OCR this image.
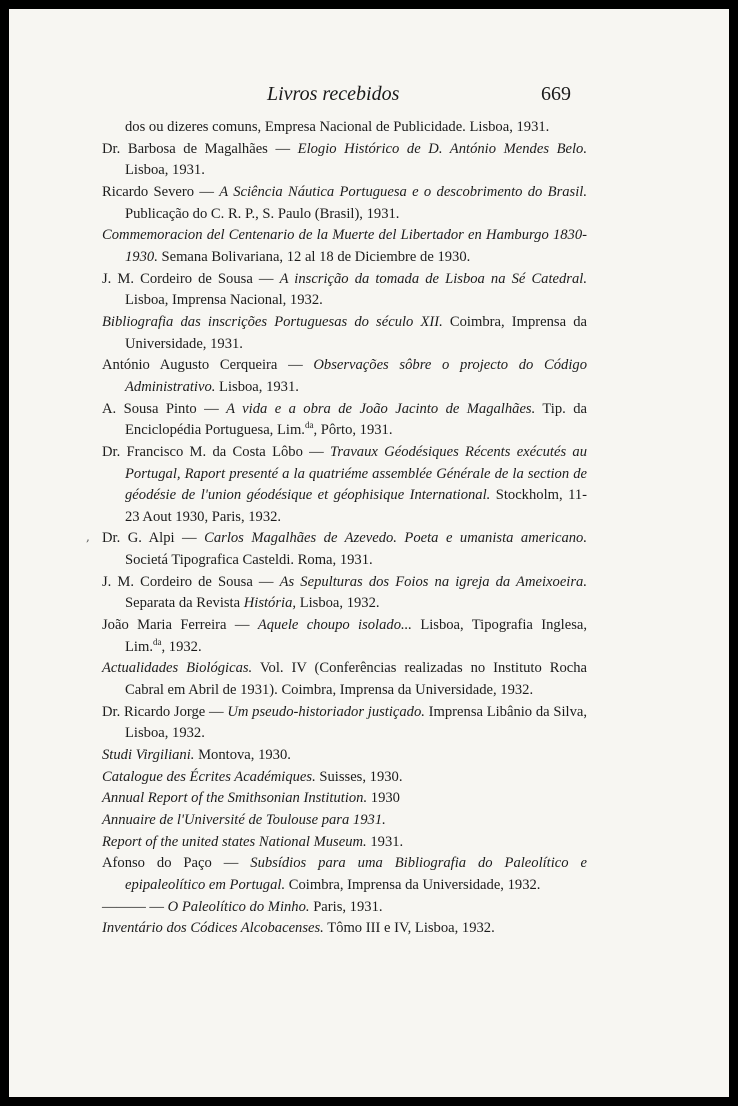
Livros recebidos	669
,

dos ou dizeres comuns, Empresa Nacional de Publicidade. Lisboa, 1931.

Dr. Barbosa de Magalhães — Elogio Histórico de D. António Mendes Belo. Lisboa, 1931.

Ricardo Severo — A Sciência Náutica Portuguesa e o descobrimento do Brasil. Publicação do C. R. P., S. Paulo (Brasil), 1931.

Commemoracion del Centenario de la Muerte del Libertador en Hamburgo 1830-1930. Semana Bolivariana, 12 al 18 de Diciembre de 1930.

J. M. Cordeiro de Sousa — A inscrição da tomada de Lisboa na Sé Catedral. Lisboa, Imprensa Nacional, 1932.

Bibliografia das inscrições Portuguesas do século XII. Coimbra, Imprensa da Universidade, 1931.

António Augusto Cerqueira — Observações sôbre o projecto do Código Administrativo. Lisboa, 1931.

A. Sousa Pinto — A vida e a obra de João Jacinto de Magalhães. Tip. da Enciclopédia Portuguesa, Lim.$^{da}$, Pôrto, 1931.

Dr. Francisco M. da Costa Lôbo — Travaux Géodésiques Récents exécutés au Portugal, Raport presenté a la quatriéme assemblée Générale de la section de géodésie de l'union géodésique et géophisique International. Stockholm, 11-23 Aout 1930, Paris, 1932.

Dr. G. Alpi — Carlos Magalhães de Azevedo. Poeta e umanista americano. Societá Tipografica Casteldi. Roma, 1931.

J. M. Cordeiro de Sousa — As Sepulturas dos Foios na igreja da Ameixoeira. Separata da Revista História, Lisboa, 1932.

João Maria Ferreira — Aquele choupo isolado... Lisboa, Tipografia Inglesa, Lim.$^{da}$, 1932.

Actualidades Biológicas. Vol. IV (Conferências realizadas no Instituto Rocha Cabral em Abril de 1931). Coimbra, Imprensa da Universidade, 1932.

Dr. Ricardo Jorge — Um pseudo-historiador justiçado. Imprensa Libânio da Silva, Lisboa, 1932.

Studi Virgiliani. Montova, 1930.

Catalogue des Écrites Académiques. Suisses, 1930.

Annual Report of the Smithsonian Institution. 1930

Annuaire de l'Université de Toulouse para 1931.

Report of the united states National Museum. 1931.

Afonso do Paço — Subsídios para uma Bibliografia do Paleolítico e epipaleolítico em Portugal. Coimbra, Imprensa da Universidade, 1932.

——— — O Paleolítico do Minho. Paris, 1931.

Inventário dos Códices Alcobacenses. Tômo III e IV, Lisboa, 1932.
